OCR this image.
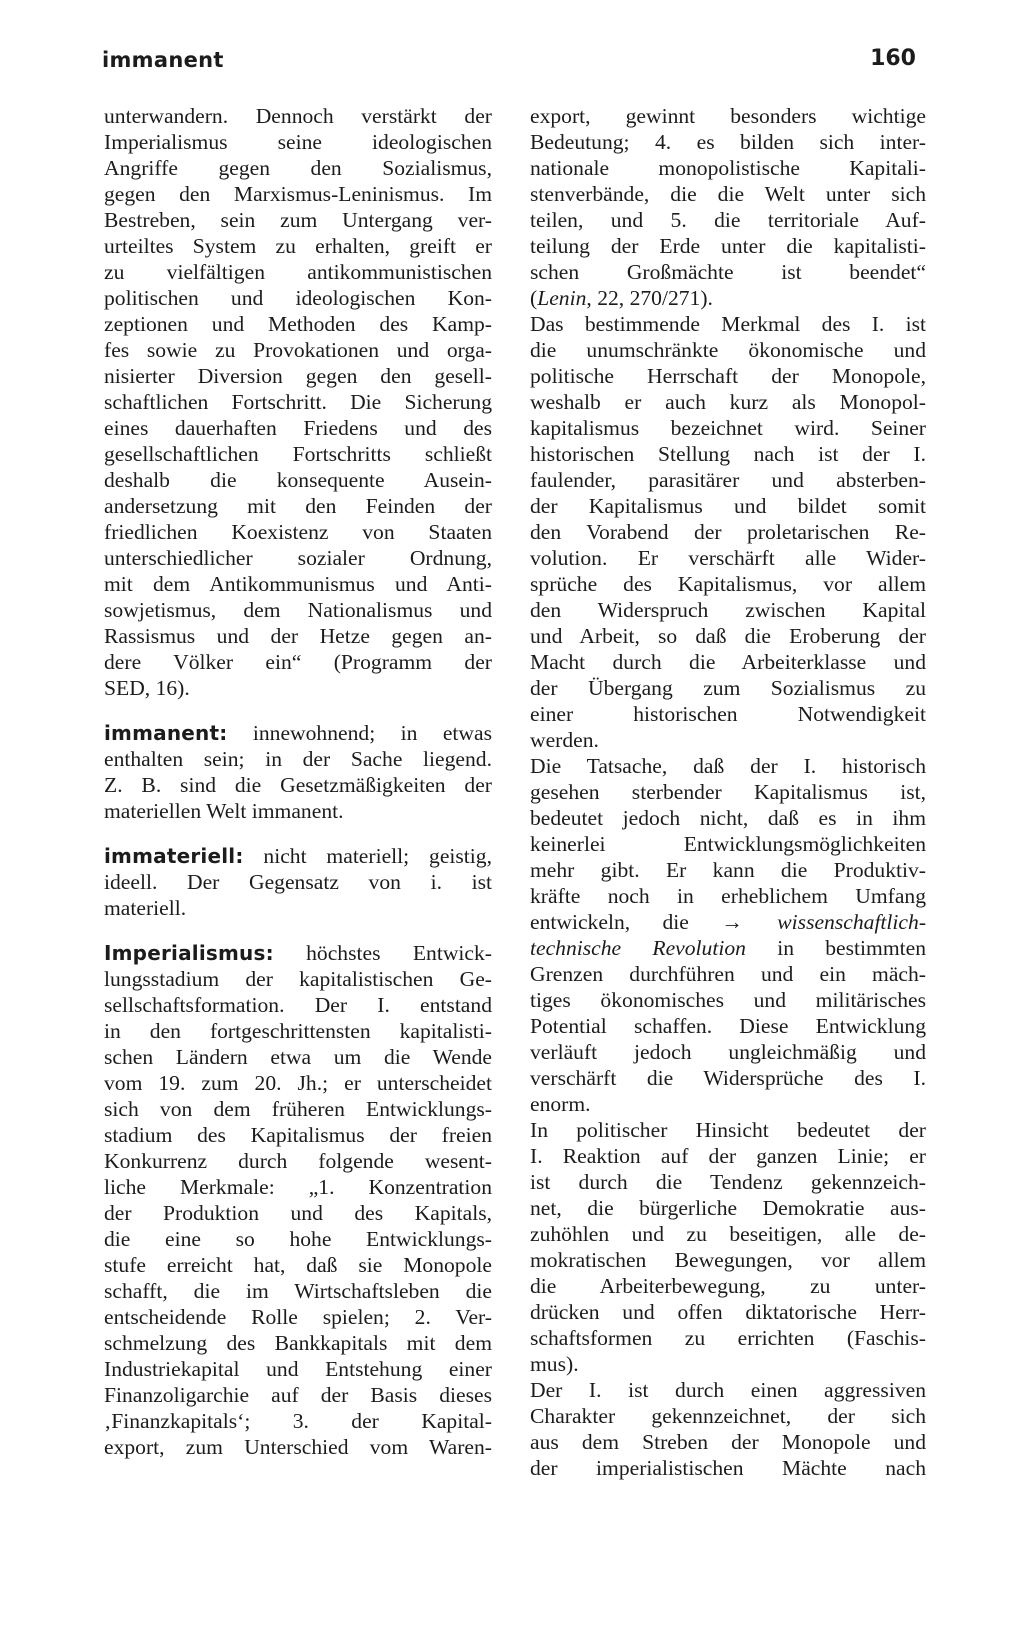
immanent	160
unterwandern. Dennoch verstärkt der
Imperialismus seine ideologischen
Angriffe gegen den Sozialismus,
gegen den Marxismus-Leninismus. Im
Bestreben, sein zum Untergang ver-
urteiltes System zu erhalten, greift er
zu vielfältigen antikommunistischen
politischen und ideologischen Kon-
zeptionen und Methoden des Kamp-
fes sowie zu Provokationen und orga-
nisierter Diversion gegen den gesell-
schaftlichen Fortschritt. Die Sicherung
eines dauerhaften Friedens und des
gesellschaftlichen Fortschritts schließt
deshalb die konsequente Ausein-
andersetzung mit den Feinden der
friedlichen Koexistenz von Staaten
unterschiedlicher sozialer Ordnung,
mit dem Antikommunismus und Anti-
sowjetismus, dem Nationalismus und
Rassismus und der Hetze gegen an-
dere Völker ein“ (Programm der
SED, 16).
immanent: innewohnend; in etwas
enthalten sein; in der Sache liegend.
Z. B. sind die Gesetzmäßigkeiten der
materiellen Welt immanent.
immateriell: nicht materiell; geistig,
ideell. Der Gegensatz von i. ist
materiell.
Imperialismus: höchstes Entwick-
lungsstadium der kapitalistischen Ge-
sellschaftsformation. Der I. entstand
in den fortgeschrittensten kapitalisti-
schen Ländern etwa um die Wende
vom 19. zum 20. Jh.; er unterscheidet
sich von dem früheren Entwicklungs-
stadium des Kapitalismus der freien
Konkurrenz durch folgende wesent-
liche Merkmale: „1. Konzentration
der Produktion und des Kapitals,
die eine so hohe Entwicklungs-
stufe erreicht hat, daß sie Monopole
schafft, die im Wirtschaftsleben die
entscheidende Rolle spielen; 2. Ver-
schmelzung des Bankkapitals mit dem
Industriekapital und Entstehung einer
Finanzoligarchie auf der Basis dieses
‚Finanzkapitals‘; 3. der Kapital-
export, zum Unterschied vom Waren-
export, gewinnt besonders wichtige
Bedeutung; 4. es bilden sich inter-
nationale monopolistische Kapitali-
stenverbände, die die Welt unter sich
teilen, und 5. die territoriale Auf-
teilung der Erde unter die kapitalisti-
schen Großmächte ist beendet“
(Lenin, 22, 270/271).
Das bestimmende Merkmal des I. ist
die unumschränkte ökonomische und
politische Herrschaft der Monopole,
weshalb er auch kurz als Monopol-
kapitalismus bezeichnet wird. Seiner
historischen Stellung nach ist der I.
faulender, parasitärer und absterben-
der Kapitalismus und bildet somit
den Vorabend der proletarischen Re-
volution. Er verschärft alle Wider-
sprüche des Kapitalismus, vor allem
den Widerspruch zwischen Kapital
und Arbeit, so daß die Eroberung der
Macht durch die Arbeiterklasse und
der Übergang zum Sozialismus zu
einer historischen Notwendigkeit
werden.
Die Tatsache, daß der I. historisch
gesehen sterbender Kapitalismus ist,
bedeutet jedoch nicht, daß es in ihm
keinerlei Entwicklungsmöglichkeiten
mehr gibt. Er kann die Produktiv-
kräfte noch in erheblichem Umfang
entwickeln, die → wissenschaftlich-
technische Revolution in bestimmten
Grenzen durchführen und ein mäch-
tiges ökonomisches und militärisches
Potential schaffen. Diese Entwicklung
verläuft jedoch ungleichmäßig und
verschärft die Widersprüche des I.
enorm.
In politischer Hinsicht bedeutet der
I. Reaktion auf der ganzen Linie; er
ist durch die Tendenz gekennzeich-
net, die bürgerliche Demokratie aus-
zuhöhlen und zu beseitigen, alle de-
mokratischen Bewegungen, vor allem
die Arbeiterbewegung, zu unter-
drücken und offen diktatorische Herr-
schaftsformen zu errichten (Faschis-
mus).
Der I. ist durch einen aggressiven
Charakter gekennzeichnet, der sich
aus dem Streben der Monopole und
der imperialistischen Mächte nach
